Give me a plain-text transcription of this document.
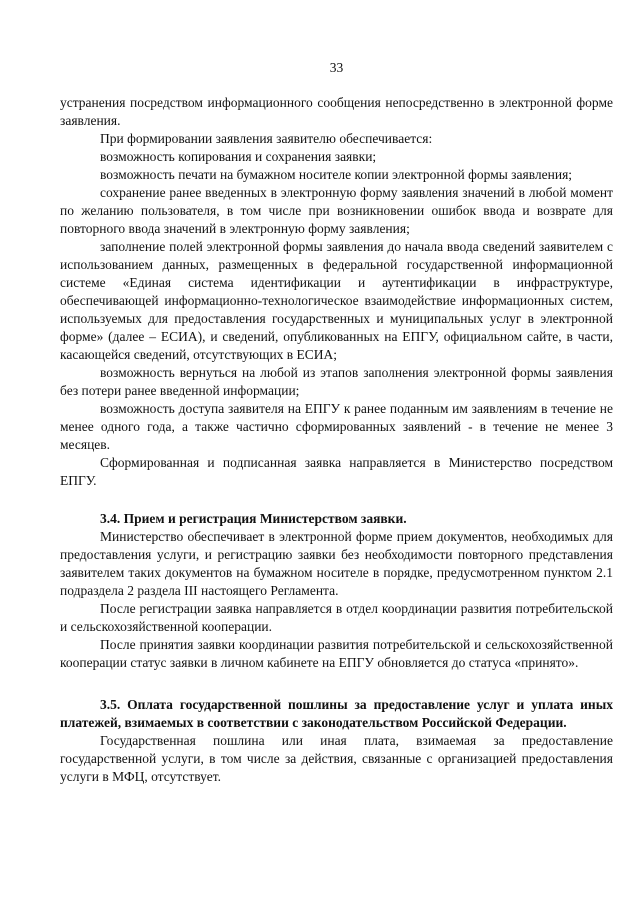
33

устранения посредством информационного сообщения непосредственно в электронной форме заявления.

При формировании заявления заявителю обеспечивается:

возможность копирования и сохранения заявки;

возможность печати на бумажном носителе копии электронной формы заявления;

сохранение ранее введенных в электронную форму заявления значений в любой момент по желанию пользователя, в том числе при возникновении ошибок ввода и возврате для повторного ввода значений в электронную форму заявления;

заполнение полей электронной формы заявления до начала ввода сведений заявителем с использованием данных, размещенных в федеральной государственной информационной системе «Единая система идентификации и аутентификации в инфраструктуре, обеспечивающей информационно-технологическое взаимодействие информационных систем, используемых для предоставления государственных и муниципальных услуг в электронной форме» (далее – ЕСИА), и сведений, опубликованных на ЕПГУ, официальном сайте, в части, касающейся сведений, отсутствующих в ЕСИА;

возможность вернуться на любой из этапов заполнения электронной формы заявления без потери ранее введенной информации;

возможность доступа заявителя на ЕПГУ к ранее поданным им заявлениям в течение не менее одного года, а также частично сформированных заявлений - в течение не менее 3 месяцев.

Сформированная и подписанная заявка направляется в Министерство посредством ЕПГУ.

3.4. Прием и регистрация Министерством заявки.

Министерство обеспечивает в электронной форме прием документов, необходимых для предоставления услуги, и регистрацию заявки без необходимости повторного представления заявителем таких документов на бумажном носителе в порядке, предусмотренном пунктом 2.1 подраздела 2 раздела III настоящего Регламента.

После регистрации заявка направляется в отдел координации развития потребительской и сельскохозяйственной кооперации.

После принятия заявки координации развития потребительской и сельскохозяйственной кооперации статус заявки в личном кабинете на ЕПГУ обновляется до статуса «принято».

3.5. Оплата государственной пошлины за предоставление услуг и уплата иных платежей, взимаемых в соответствии с законодательством Российской Федерации.

Государственная пошлина или иная плата, взимаемая за предоставление государственной услуги, в том числе за действия, связанные с организацией предоставления услуги в МФЦ, отсутствует.
